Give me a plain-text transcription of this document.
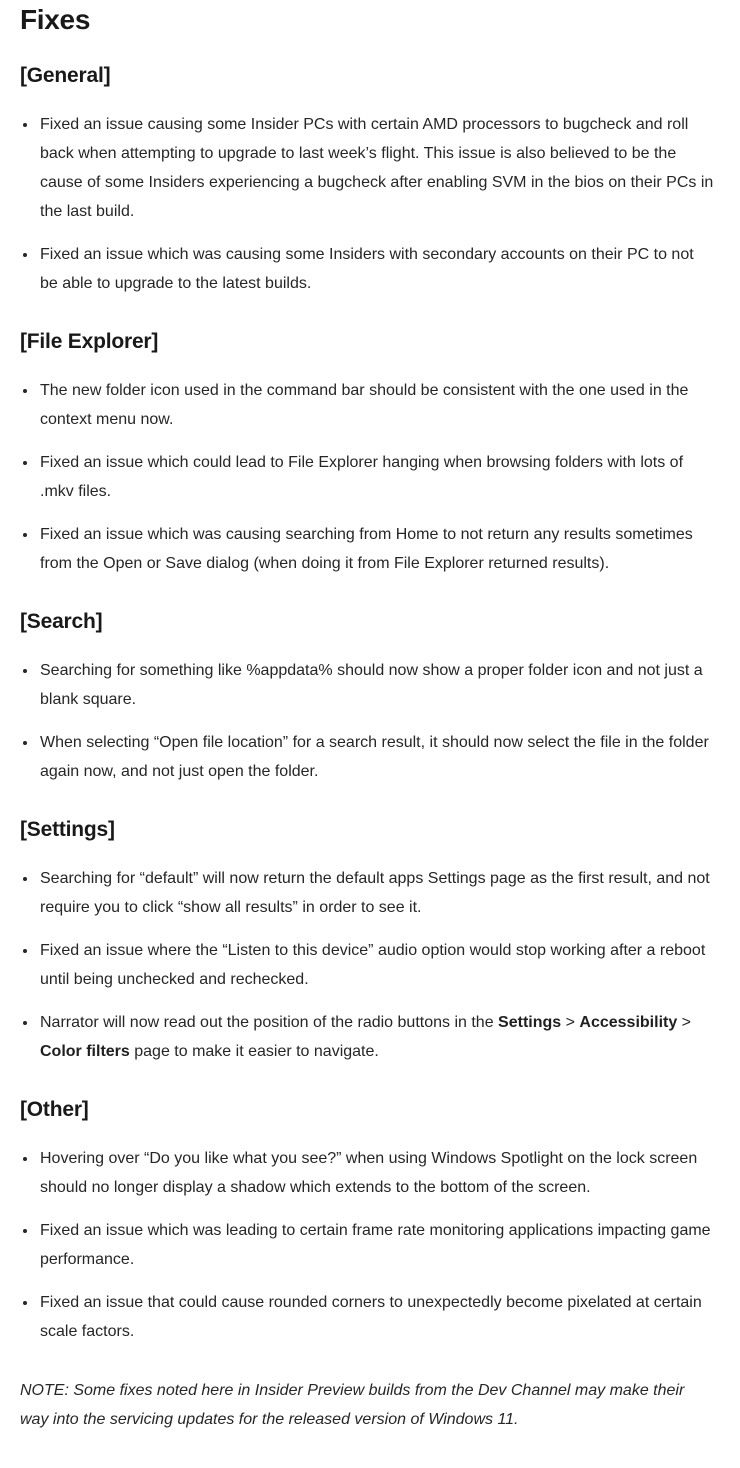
Fixes
[General]
• Fixed an issue causing some Insider PCs with certain AMD processors to bugcheck and roll back when attempting to upgrade to last week’s flight. This issue is also believed to be the cause of some Insiders experiencing a bugcheck after enabling SVM in the bios on their PCs in the last build.
• Fixed an issue which was causing some Insiders with secondary accounts on their PC to not be able to upgrade to the latest builds.
[File Explorer]
• The new folder icon used in the command bar should be consistent with the one used in the context menu now.
• Fixed an issue which could lead to File Explorer hanging when browsing folders with lots of .mkv files.
• Fixed an issue which was causing searching from Home to not return any results sometimes from the Open or Save dialog (when doing it from File Explorer returned results).
[Search]
• Searching for something like %appdata% should now show a proper folder icon and not just a blank square.
• When selecting “Open file location” for a search result, it should now select the file in the folder again now, and not just open the folder.
[Settings]
• Searching for “default” will now return the default apps Settings page as the first result, and not require you to click “show all results” in order to see it.
• Fixed an issue where the “Listen to this device” audio option would stop working after a reboot until being unchecked and rechecked.
• Narrator will now read out the position of the radio buttons in the Settings > Accessibility > Color filters page to make it easier to navigate.
[Other]
• Hovering over “Do you like what you see?” when using Windows Spotlight on the lock screen should no longer display a shadow which extends to the bottom of the screen.
• Fixed an issue which was leading to certain frame rate monitoring applications impacting game performance.
• Fixed an issue that could cause rounded corners to unexpectedly become pixelated at certain scale factors.

NOTE: Some fixes noted here in Insider Preview builds from the Dev Channel may make their way into the servicing updates for the released version of Windows 11.
